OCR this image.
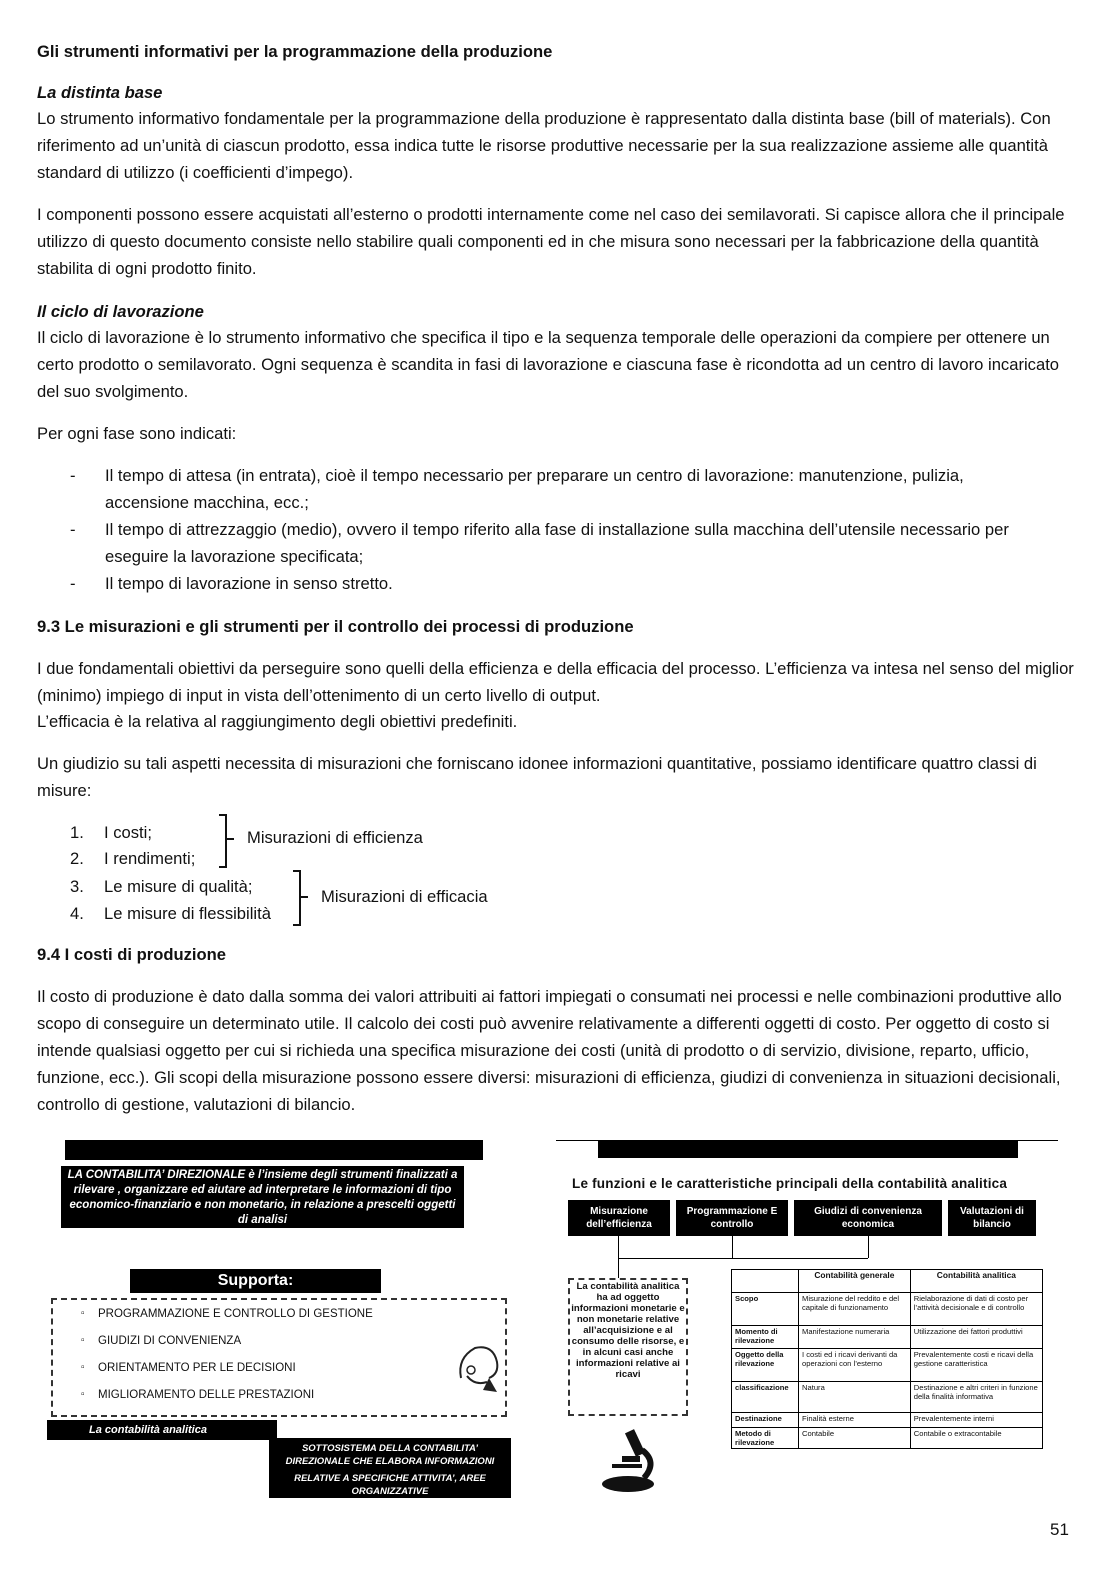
Gli strumenti informativi per la programmazione della produzione
La distinta base
Lo strumento informativo fondamentale per la programmazione della produzione è rappresentato dalla distinta base (bill of materials). Con riferimento ad un’unità di ciascun prodotto, essa indica tutte le risorse produttive necessarie per la sua realizzazione assieme alle quantità standard di utilizzo (i coefficienti d’impego).
I componenti possono essere acquistati all’esterno o prodotti internamente come nel caso dei semilavorati. Si capisce allora che il principale utilizzo di questo documento consiste nello stabilire quali componenti ed in che misura sono necessari per la fabbricazione della quantità stabilita di ogni prodotto finito.
Il ciclo di lavorazione
Il ciclo di lavorazione è lo strumento informativo che specifica il tipo e la sequenza temporale delle operazioni da compiere per ottenere un certo prodotto o semilavorato. Ogni sequenza è scandita in fasi di lavorazione e ciascuna fase è ricondotta ad un centro di lavoro incaricato del suo svolgimento.
Per ogni fase sono indicati:
- Il tempo di attesa (in entrata), cioè il tempo necessario per preparare un centro di lavorazione: manutenzione, pulizia, accensione macchina, ecc.;
- Il tempo di attrezzaggio (medio), ovvero il tempo riferito alla fase di installazione sulla macchina dell’utensile necessario per eseguire la lavorazione specificata;
- Il tempo di lavorazione in senso stretto.
9.3 Le misurazioni e gli strumenti per il controllo dei processi di produzione
I due fondamentali obiettivi da perseguire sono quelli della efficienza e della efficacia del processo. L’efficienza va intesa nel senso del miglior (minimo) impiego di input in vista dell’ottenimento di un certo livello di output.
L’efficacia è la relativa al raggiungimento degli obiettivi predefiniti.
Un giudizio su tali aspetti necessita di misurazioni che forniscano idonee informazioni quantitative, possiamo identificare quattro classi di misure:
1. I costi;
2. I rendimenti;
3. Le misure di qualità;
4. Le misure di flessibilità
Misurazioni di efficienza
Misurazioni di efficacia
9.4 I costi di produzione
Il costo di produzione è dato dalla somma dei valori attribuiti ai fattori impiegati o consumati nei processi e nelle combinazioni produttive allo scopo di conseguire un determinato utile. Il calcolo dei costi può avvenire relativamente a differenti oggetti di costo. Per oggetto di costo si intende qualsiasi oggetto per cui si richieda una specifica misurazione dei costi (unità di prodotto o di servizio, divisione, reparto, ufficio, funzione, ecc.). Gli scopi della misurazione possono essere diversi: misurazioni di efficienza, giudizi di convenienza in situazioni decisionali, controllo di gestione, valutazioni di bilancio.
LA CONTABILITA’ DIREZIONALE è l’insieme degli strumenti finalizzati a rilevare , organizzare ed aiutare ad interpretare le informazioni di tipo economico-finanziario e non monetario, in relazione a prescelti oggetti di analisi
Supporta:
▫ PROGRAMMAZIONE E CONTROLLO DI GESTIONE
▫ GIUDIZI DI CONVENIENZA
▫ ORIENTAMENTO PER LE DECISIONI
▫ MIGLIORAMENTO DELLE PRESTAZIONI
La contabilità analitica
SOTTOSISTEMA DELLA CONTABILITA’ DIREZIONALE CHE ELABORA INFORMAZIONI
RELATIVE A SPECIFICHE ATTIVITA’, AREE ORGANIZZATIVE
Le funzioni e le caratteristiche principali della contabilità analitica
Misurazione dell’efficienza
Programmazione E controllo
Giudizi di convenienza economica
Valutazioni di bilancio
La contabilità analitica ha ad oggetto informazioni monetarie e non monetarie relative all’acquisizione e al consumo delle risorse, e in alcuni casi anche informazioni relative ai ricavi
	Contabilità generale	Contabilità analitica
Scopo	Misurazione del reddito e del capitale di funzionamento	Rielaborazione di dati di costo per l’attività decisionale e di controllo
Momento di rilevazione	Manifestazione numeraria	Utilizzazione dei fattori produttivi
Oggetto della rilevazione	I costi ed i ricavi derivanti da operazioni con l’esterno	Prevalentemente costi e ricavi della gestione caratteristica
classificazione	Natura	Destinazione e altri criteri in funzione della finalità informativa
Destinazione	Finalità esterne	Prevalentemente interni
Metodo di rilevazione	Contabile	Contabile o extracontabile
51
